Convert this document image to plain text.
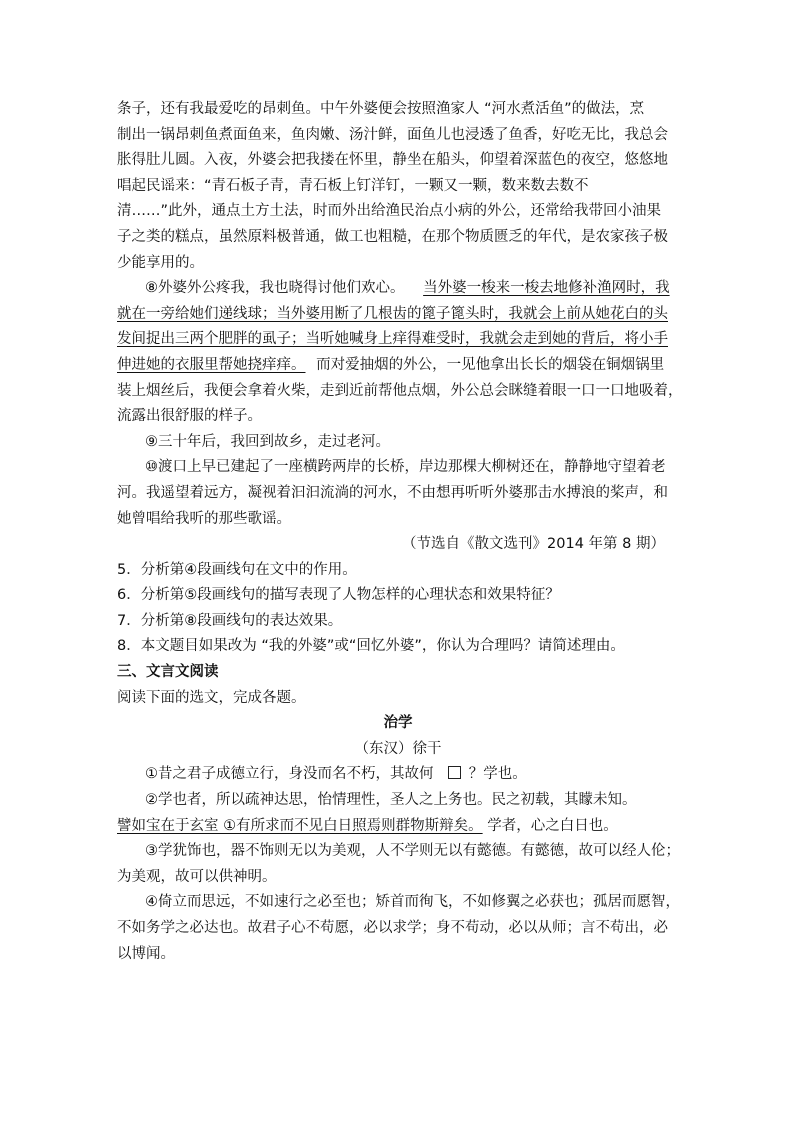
条子，还有我最爱吃的昂刺鱼。中午外婆便会按照渔家人 “河水煮活鱼”的做法，烹
制出一锅昂刺鱼煮面鱼来，鱼肉嫩、汤汁鲜，面鱼儿也浸透了鱼香，好吃无比，我总会
胀得肚儿圆。入夜，外婆会把我搂在怀里，静坐在船头，仰望着深蓝色的夜空，悠悠地
唱起民谣来：“青石板子青，青石板上钉洋钉，一颗又一颗，数来数去数不
清……”此外，通点土方土法，时而外出给渔民治点小病的外公，还常给我带回小油果
子之类的糕点，虽然原料极普通，做工也粗糙，在那个物质匮乏的年代，是农家孩子极
少能享用的。
⑧外婆外公疼我，我也晓得讨他们欢心。 当外婆一梭来一梭去地修补渔网时，我
就在一旁给她们递线球；当外婆用断了几根齿的篦子篦头时，我就会上前从她花白的头
发间捉出三两个肥胖的虱子；当听她喊身上痒得难受时，我就会走到她的背后，将小手
伸进她的衣服里帮她挠痒痒。 而对爱抽烟的外公，一见他拿出长长的烟袋在铜烟锅里
装上烟丝后，我便会拿着火柴，走到近前帮他点烟，外公总会眯缝着眼一口一口地吸着，
流露出很舒服的样子。
⑨三十年后，我回到故乡，走过老河。
⑩渡口上早已建起了一座横跨两岸的长桥，岸边那棵大柳树还在，静静地守望着老
河。我遥望着远方，凝视着汩汩流淌的河水，不由想再听听外婆那击水搏浪的桨声，和
她曾唱给我听的那些歌谣。
（节选自《散文选刊》2014 年第 8 期）
5．分析第④段画线句在文中的作用。
6．分析第⑤段画线句的描写表现了人物怎样的心理状态和效果特征？
7．分析第⑧段画线句的表达效果。
8．本文题目如果改为 “我的外婆”或“回忆外婆”，你认为合理吗？请简述理由。
三、文言文阅读
阅读下面的选文，完成各题。
治学
（东汉）徐干
①昔之君子成德立行，身没而名不朽，其故何 ？学也。
②学也者，所以疏神达思，怡情理性，圣人之上务也。民之初载，其矇未知。
譬如宝在于玄室 ①有所求而不见白日照焉则群物斯辩矣。 学者，心之白日也。
③学犹饰也，器不饰则无以为美观，人不学则无以有懿德。有懿德，故可以经人伦；
为美观，故可以供神明。
④倚立而思远，不如速行之必至也；矫首而徇飞，不如修翼之必获也；孤居而愿智，
不如务学之必达也。故君子心不苟愿，必以求学；身不苟动，必以从师；言不苟出，必
以博闻。
